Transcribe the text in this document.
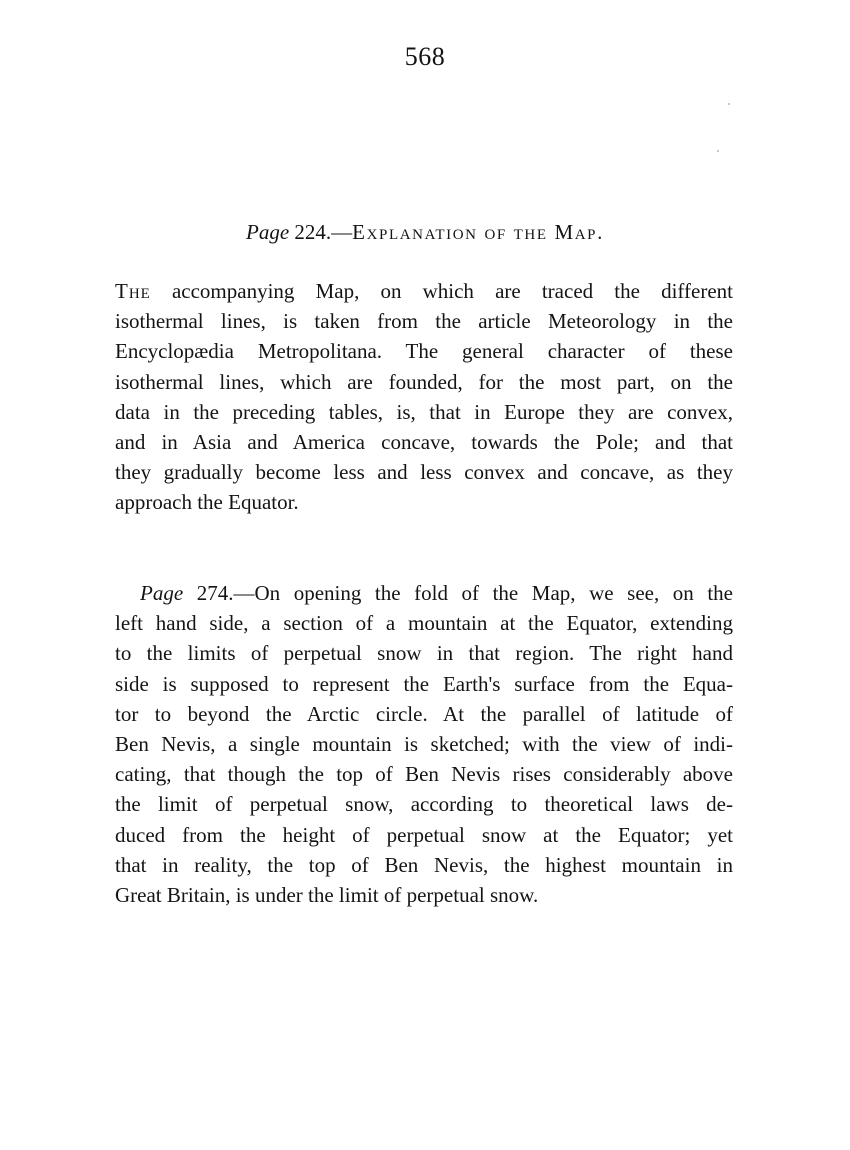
568
Page 224.—Explanation of the Map.
The accompanying Map, on which are traced the different
isothermal lines, is taken from the article Meteorology in the
Encyclopædia Metropolitana. The general character of these
isothermal lines, which are founded, for the most part, on the
data in the preceding tables, is, that in Europe they are convex,
and in Asia and America concave, towards the Pole; and that
they gradually become less and less convex and concave, as they
approach the Equator.
Page 274.—On opening the fold of the Map, we see, on the
left hand side, a section of a mountain at the Equator, extending
to the limits of perpetual snow in that region. The right hand
side is supposed to represent the Earth's surface from the Equa-
tor to beyond the Arctic circle. At the parallel of latitude of
Ben Nevis, a single mountain is sketched; with the view of indi-
cating, that though the top of Ben Nevis rises considerably above
the limit of perpetual snow, according to theoretical laws de-
duced from the height of perpetual snow at the Equator; yet
that in reality, the top of Ben Nevis, the highest mountain in
Great Britain, is under the limit of perpetual snow.
